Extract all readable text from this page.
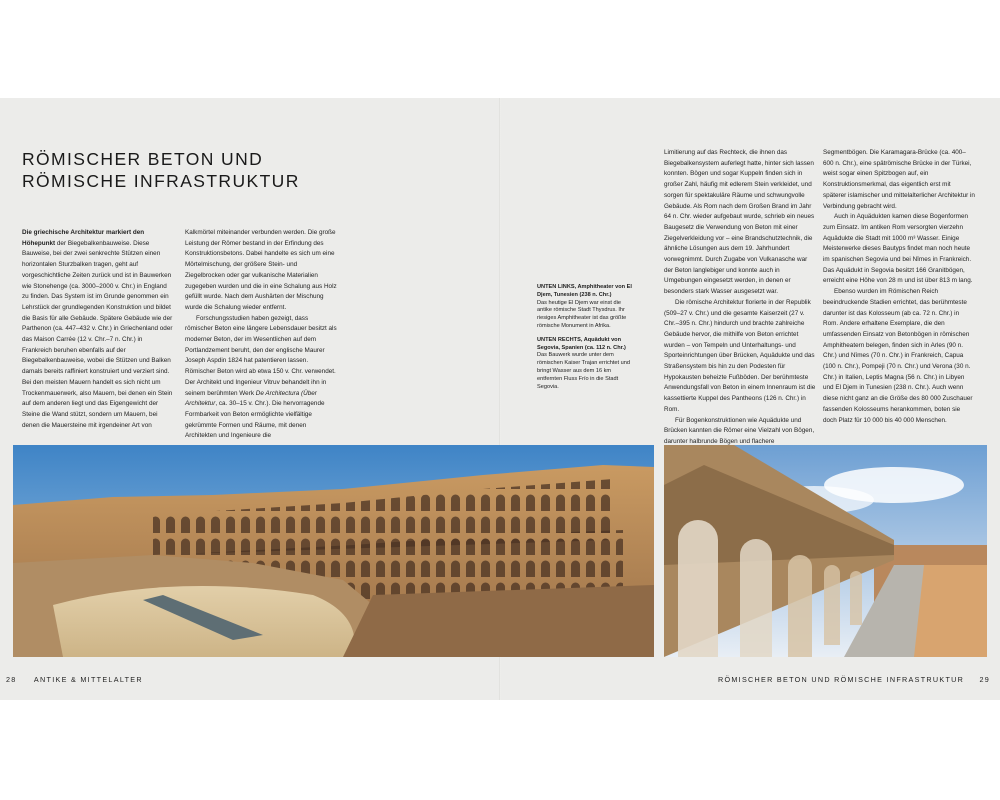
RÖMISCHER BETON UND
RÖMISCHE INFRASTRUKTUR

Die griechische Architektur markiert den Höhepunkt der Biegebalkenbauweise. Diese Bauweise, bei der zwei senkrechte Stützen einen horizontalen Sturzbalken tragen, geht auf vorgeschichtliche Zeiten zurück und ist in Bauwerken wie Stonehenge (ca. 3000–2000 v. Chr.) in England zu finden. Das System ist im Grunde genommen ein Lehrstück der grundlegenden Konstruktion und bildet die Basis für alle Gebäude. Spätere Gebäude wie der Parthenon (ca. 447–432 v. Chr.) in Griechenland oder das Maison Carrée (12 v. Chr.–7 n. Chr.) in Frankreich beruhen ebenfalls auf der Biegebalkenbauweise, wobei die Stützen und Balken damals bereits raffiniert konstruiert und verziert sind. Bei den meisten Mauern handelt es sich nicht um Trockenmauerwerk, also Mauern, bei denen ein Stein auf dem anderen liegt und das Eigengewicht der Steine die Wand stützt, sondern um Mauern, bei denen die Mauersteine mit irgendeiner Art von

Kalkmörtel miteinander verbunden werden. Die große Leistung der Römer bestand in der Erfindung des Konstruktionsbetons. Dabei handelte es sich um eine Mörtelmischung, der größere Stein- und Ziegelbrocken oder gar vulkanische Materialien zugegeben wurden und die in eine Schalung aus Holz gefüllt wurde. Nach dem Aushärten der Mischung wurde die Schalung wieder entfernt.

Forschungsstudien haben gezeigt, dass römischer Beton eine längere Lebensdauer besitzt als moderner Beton, der im Wesentlichen auf dem Portlandzement beruht, den der englische Maurer Joseph Aspdin 1824 hat patentieren lassen. Römischer Beton wird ab etwa 150 v. Chr. verwendet. Der Architekt und Ingenieur Vitruv behandelt ihn in seinem berühmten Werk De Architectura (Über Architektur, ca. 30–15 v. Chr.). Die hervorragende Formbarkeit von Beton ermöglichte vielfältige gekrümmte Formen und Räume, mit denen Architekten und Ingenieure die

UNTEN LINKS, Amphitheater von El Djem, Tunesien (238 n. Chr.)

Das heutige El Djem war einst die antike römische Stadt Thysdrus. Ihr riesiges Amphitheater ist das größte römische Monument in Afrika.

UNTEN RECHTS, Aquädukt von Segovia, Spanien (ca. 112 n. Chr.)

Das Bauwerk wurde unter dem römischen Kaiser Trajan errichtet und bringt Wasser aus dem 16 km entfernten Fluss Frío in die Stadt Segovia.

Limitierung auf das Rechteck, die ihnen das Biegebalkensystem auferlegt hatte, hinter sich lassen konnten. Bögen und sogar Kuppeln finden sich in großer Zahl, häufig mit edlerem Stein verkleidet, und sorgen für spektakuläre Räume und schwungvolle Gebäude. Als Rom nach dem Großen Brand im Jahr 64 n. Chr. wieder aufgebaut wurde, schrieb ein neues Baugesetz die Verwendung von Beton mit einer Ziegelverkleidung vor – eine Brandschutztechnik, die ähnliche Lösungen aus dem 19. Jahrhundert vorwegnimmt. Durch Zugabe von Vulkanasche war der Beton langlebiger und konnte auch in Umgebungen eingesetzt werden, in denen er besonders stark Wasser ausgesetzt war.

Die römische Architektur florierte in der Republik (509–27 v. Chr.) und die gesamte Kaiserzeit (27 v. Chr.–395 n. Chr.) hindurch und brachte zahlreiche Gebäude hervor, die mithilfe von Beton errichtet wurden – von Tempeln und Unterhaltungs- und Sporteinrichtungen über Brücken, Aquädukte und das Straßensystem bis hin zu den Podesten für Hypokausten beheizte Fußböden. Der berühmteste Anwendungsfall von Beton in einem Innenraum ist die kassettierte Kuppel des Pantheons (126 n. Chr.) in Rom.

Für Bogenkonstruktionen wie Aquädukte und Brücken kannten die Römer eine Vielzahl von Bögen, darunter halbrunde Bögen und flachere

Segmentbögen. Die Karamagara-Brücke (ca. 400–600 n. Chr.), eine spätrömische Brücke in der Türkei, weist sogar einen Spitzbogen auf, ein Konstruktionsmerkmal, das eigentlich erst mit späterer islamischer und mittelalterlicher Architektur in Verbindung gebracht wird.

Auch in Aquädukten kamen diese Bogenformen zum Einsatz. Im antiken Rom versorgten vierzehn Aquädukte die Stadt mit 1000 m³ Wasser. Einige Meisterwerke dieses Bautyps findet man noch heute im spanischen Segovia und bei Nîmes in Frankreich. Das Aquädukt in Segovia besitzt 166 Granitbögen, erreicht eine Höhe von 28 m und ist über 813 m lang.

Ebenso wurden im Römischen Reich beeindruckende Stadien errichtet, das berühmteste darunter ist das Kolosseum (ab ca. 72 n. Chr.) in Rom. Andere erhaltene Exemplare, die den umfassenden Einsatz von Betonbögen in römischen Amphitheatern belegen, finden sich in Arles (90 n. Chr.) und Nîmes (70 n. Chr.) in Frankreich, Capua (100 n. Chr.), Pompeji (70 n. Chr.) und Verona (30 n. Chr.) in Italien, Leptis Magna (56 n. Chr.) in Libyen und El Djem in Tunesien (238 n. Chr.). Auch wenn diese nicht ganz an die Größe des 80 000 Zuschauer fassenden Kolosseums herankommen, boten sie doch Platz für 10 000 bis 40 000 Menschen.

28 ANTIKE & MITTELALTER	RÖMISCHER BETON UND RÖMISCHE INFRASTRUKTUR 29
